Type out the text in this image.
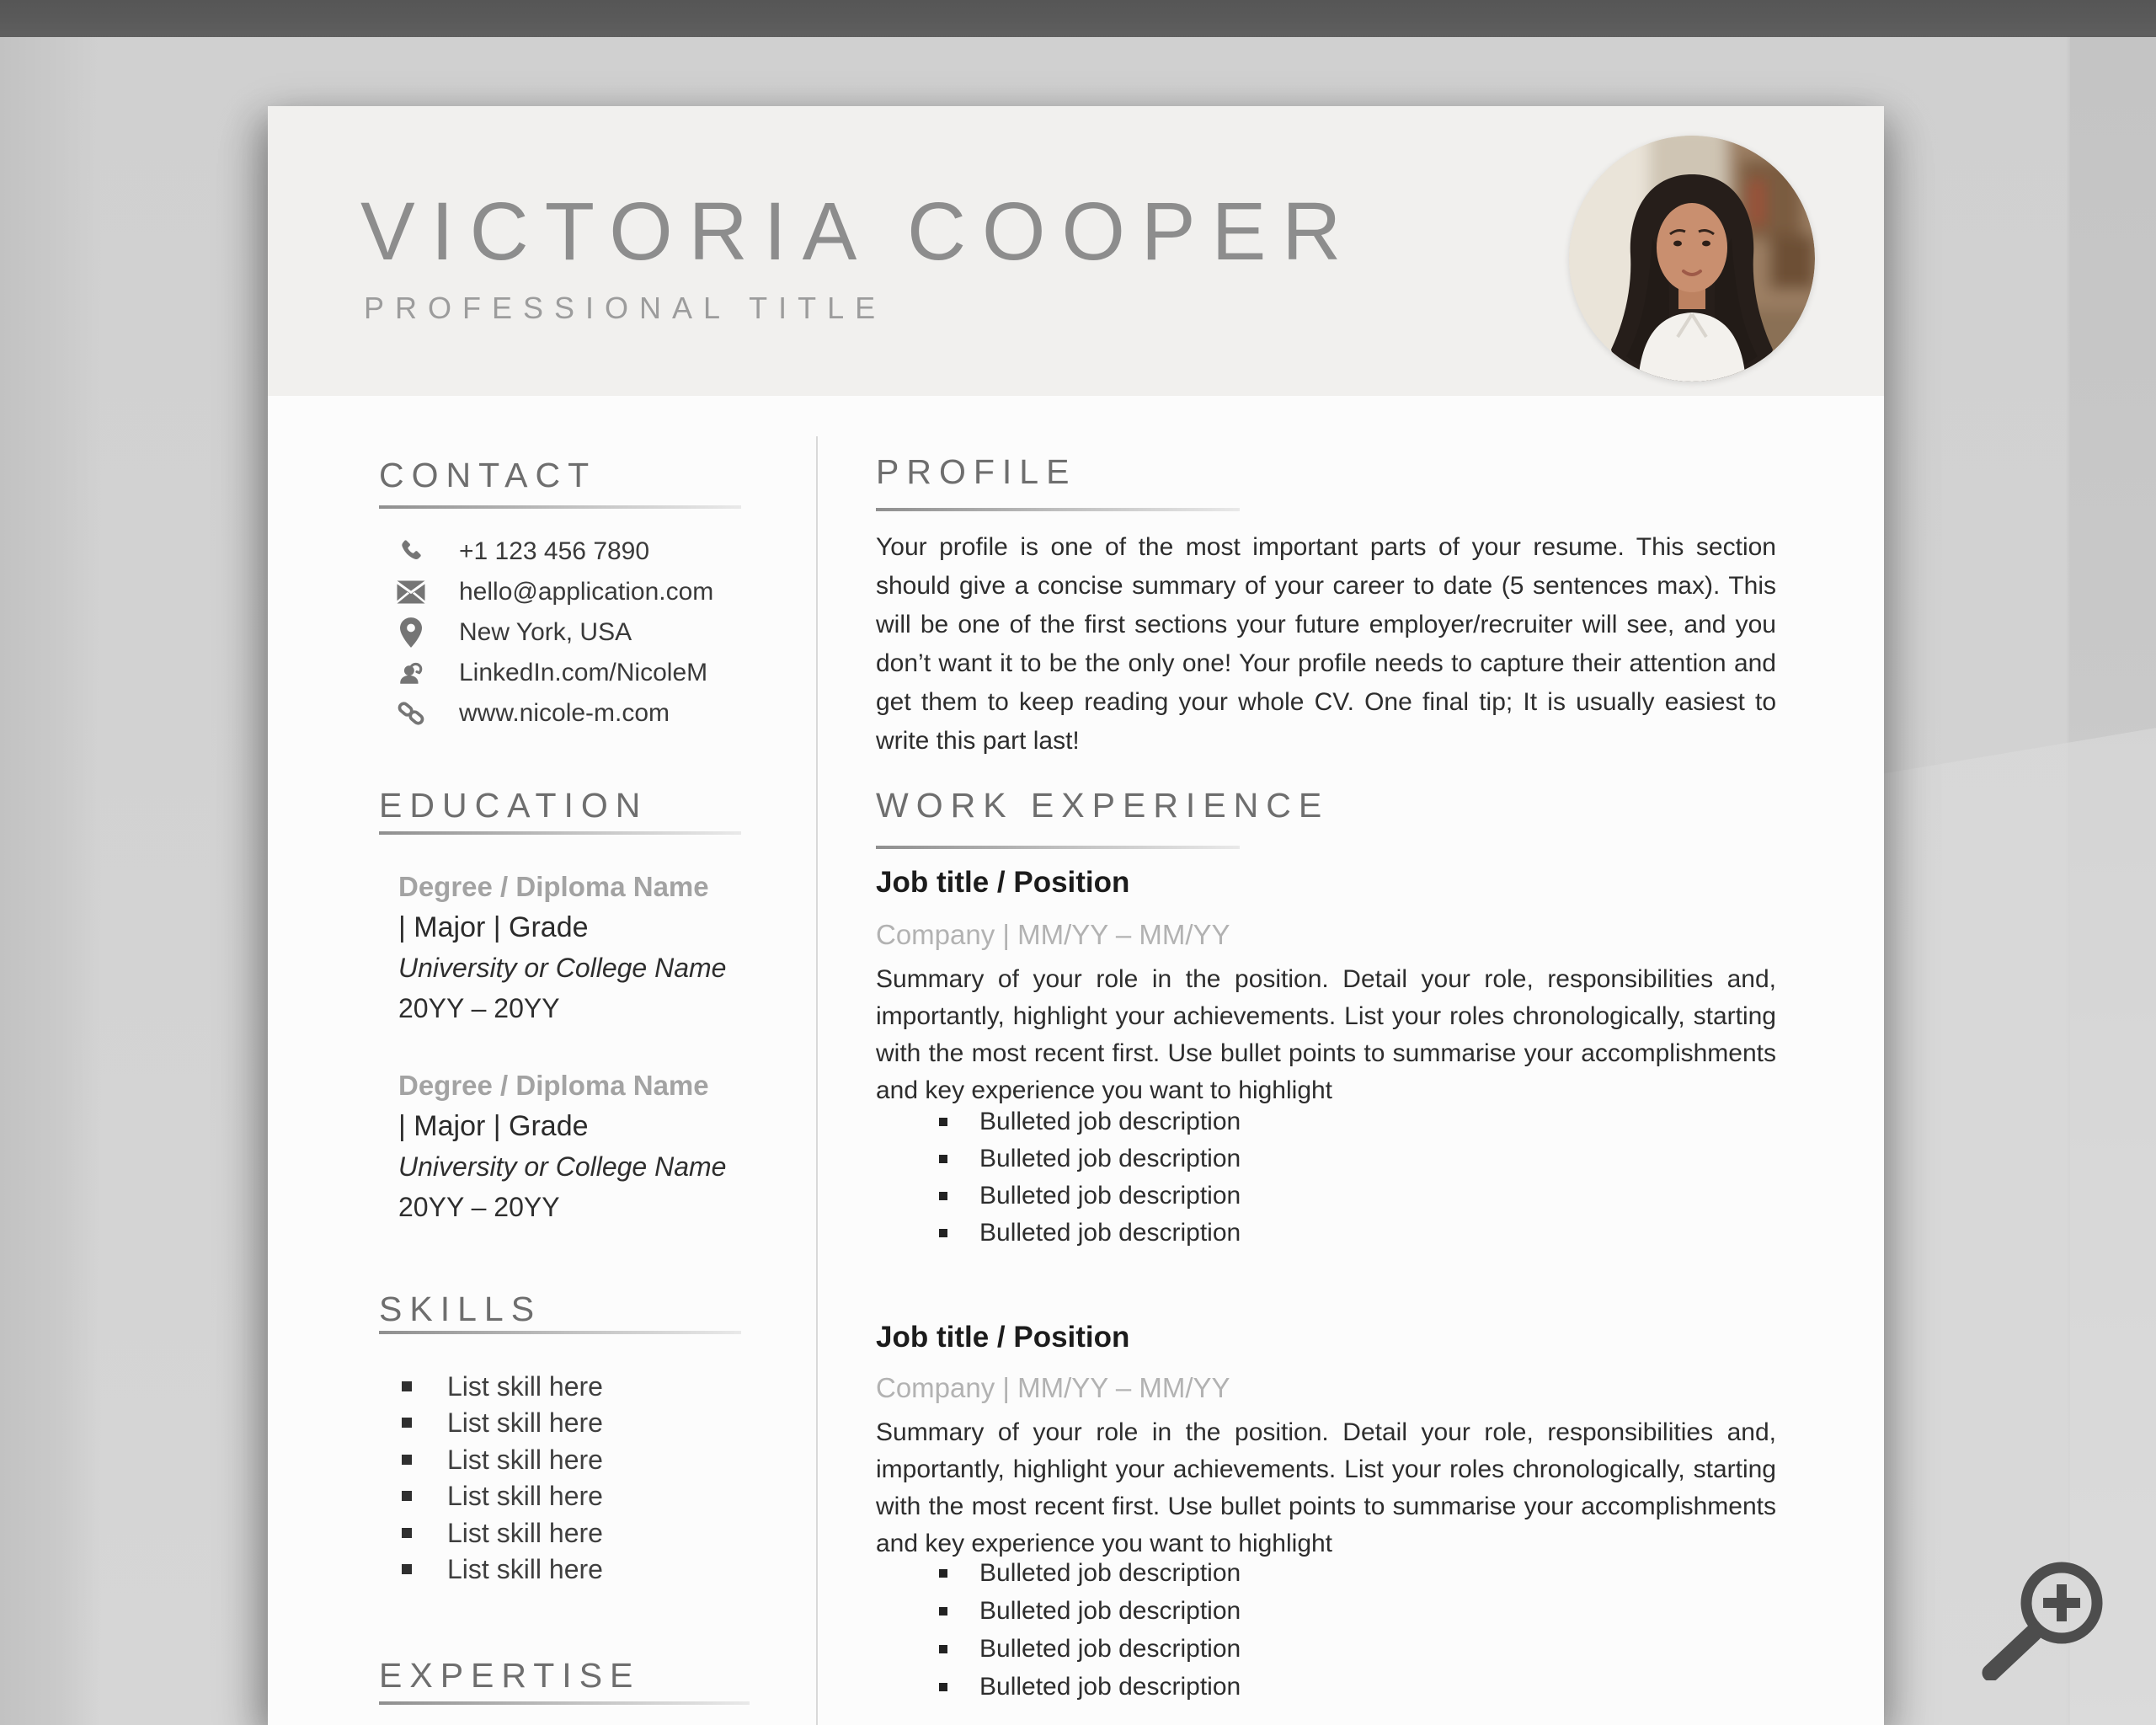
VICTORIA COOPER
PROFESSIONAL TITLE
CONTACT
+1 123 456 7890
hello@application.com
New York, USA
LinkedIn.com/NicoleM
www.nicole-m.com
EDUCATION
Degree / Diploma Name
| Major | Grade
University or College Name
20YY – 20YY
Degree / Diploma Name
| Major | Grade
University or College Name
20YY – 20YY
SKILLS
List skill here
List skill here
List skill here
List skill here
List skill here
List skill here
EXPERTISE
PROFILE
Your profile is one of the most important parts of your resume. This section should give a concise summary of your career to date (5 sentences max). This will be one of the first sections your future employer/recruiter will see, and you don’t want it to be the only one! Your profile needs to capture their attention and get them to keep reading your whole CV. One final tip; It is usually easiest to write this part last!
WORK EXPERIENCE
Job title / Position
Company | MM/YY – MM/YY
Summary of your role in the position. Detail your role, responsibilities and, importantly, highlight your achievements. List your roles chronologically, starting with the most recent first. Use bullet points to summarise your accomplishments and key experience you want to highlight
Bulleted job description
Bulleted job description
Bulleted job description
Bulleted job description
Job title / Position
Company | MM/YY – MM/YY
Summary of your role in the position. Detail your role, responsibilities and, importantly, highlight your achievements. List your roles chronologically, starting with the most recent first. Use bullet points to summarise your accomplishments and key experience you want to highlight
Bulleted job description
Bulleted job description
Bulleted job description
Bulleted job description
